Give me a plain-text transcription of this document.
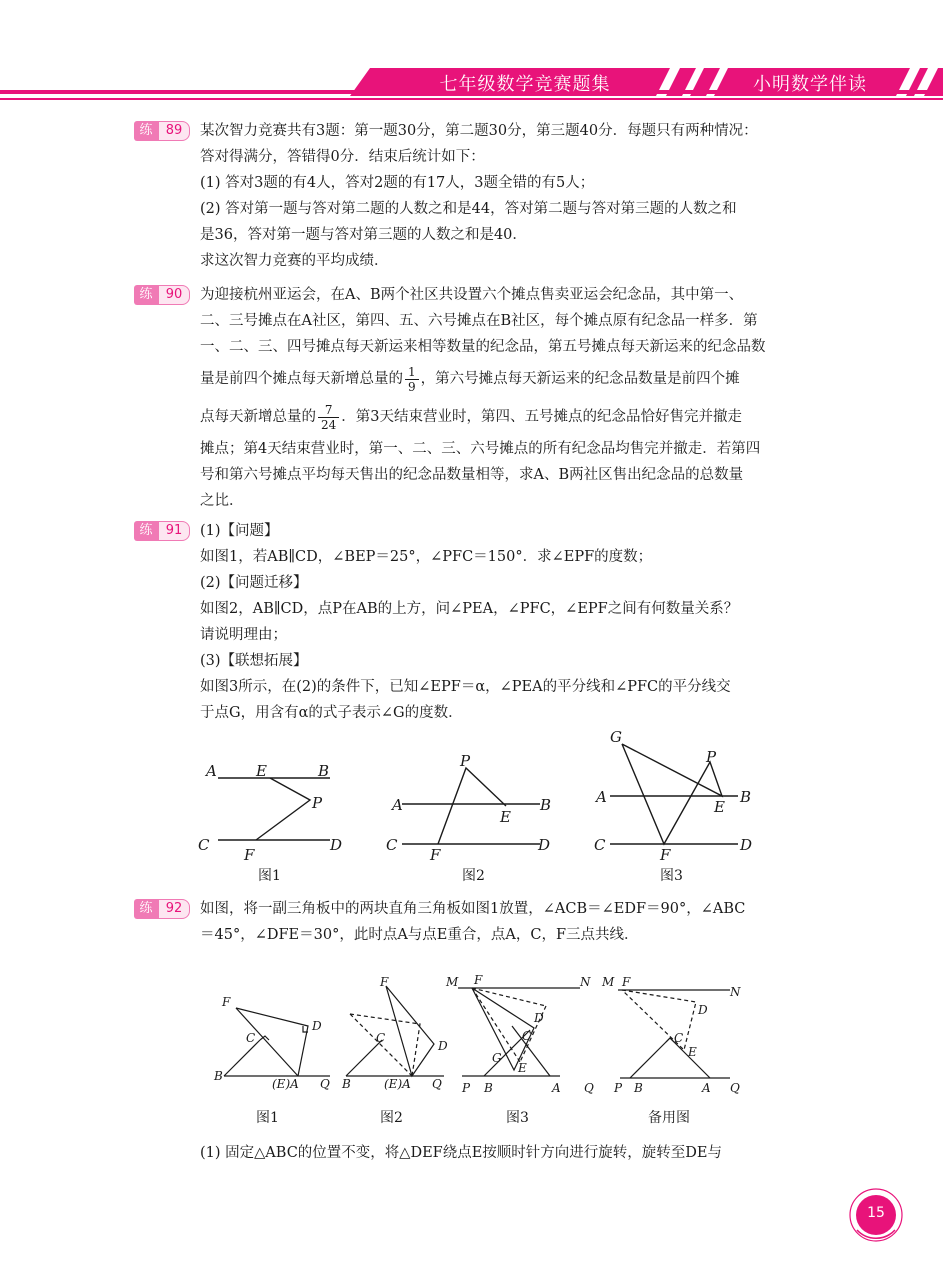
七年级数学竞赛题集	小明数学伴读
练	89	某次智力竞赛共有3题：第一题30分，第二题30分，第三题40分．每题只有两种情况：

答对得满分，答错得0分．结束后统计如下：

(1) 答对3题的有4人，答对2题的有17人，3题全错的有5人；

(2) 答对第一题与答对第二题的人数之和是44，答对第二题与答对第三题的人数之和

是36，答对第一题与答对第三题的人数之和是40．

求这次智力竞赛的平均成绩．

练	90	为迎接杭州亚运会，在A、B两个社区共设置六个摊点售卖亚运会纪念品，其中第一、

二、三号摊点在A社区，第四、五、六号摊点在B社区，每个摊点原有纪念品一样多．第

一、二、三、四号摊点每天新运来相等数量的纪念品，第五号摊点每天新运来的纪念品数

量是前四个摊点每天新增总量的 $\frac{1}{9}$ ，第六号摊点每天新运来的纪念品数量是前四个摊

点每天新增总量的 $\frac{7}{24}$ ．第3天结束营业时，第四、五号摊点的纪念品恰好售完并撤走

摊点；第4天结束营业时，第一、二、三、六号摊点的所有纪念品均售完并撤走．若第四

号和第六号摊点平均每天售出的纪念品数量相等，求A、B两社区售出纪念品的总数量

之比．

练	91	(1)【问题】

如图1，若AB∥CD，∠BEP＝25°，∠PFC＝150°．求∠EPF的度数；

(2)【问题迁移】

如图2，AB∥CD，点P在AB的上方，问∠PEA，∠PFC，∠EPF之间有何数量关系？

请说明理由；

(3)【联想拓展】

如图3所示，在(2)的条件下，已知∠EPF＝α，∠PEA的平分线和∠PFC的平分线交

于点G，用含有α的式子表示∠G的度数．

A	E	B
P
C
F
D
图1
P
A
E
B
C
F
D
图2
G
P
A
E
B
C
F
D
图3
练	92	如图，将一副三角板中的两块直角三角板如图1放置，∠ACB＝∠EDF＝90°，∠ABC

＝45°，∠DFE＝30°，此时点A与点E重合，点A，C，F三点共线．

F
D
C
B
(E)A Q
图1
F
D
C
B	(E)A Q
图2
M F	N
D
C
G
E
P B	A Q
图3
M F
N
D
C
E
P B	A Q
备用图

(1) 固定△ABC的位置不变，将△DEF绕点E按顺时针方向进行旋转，旋转至DE与

15
